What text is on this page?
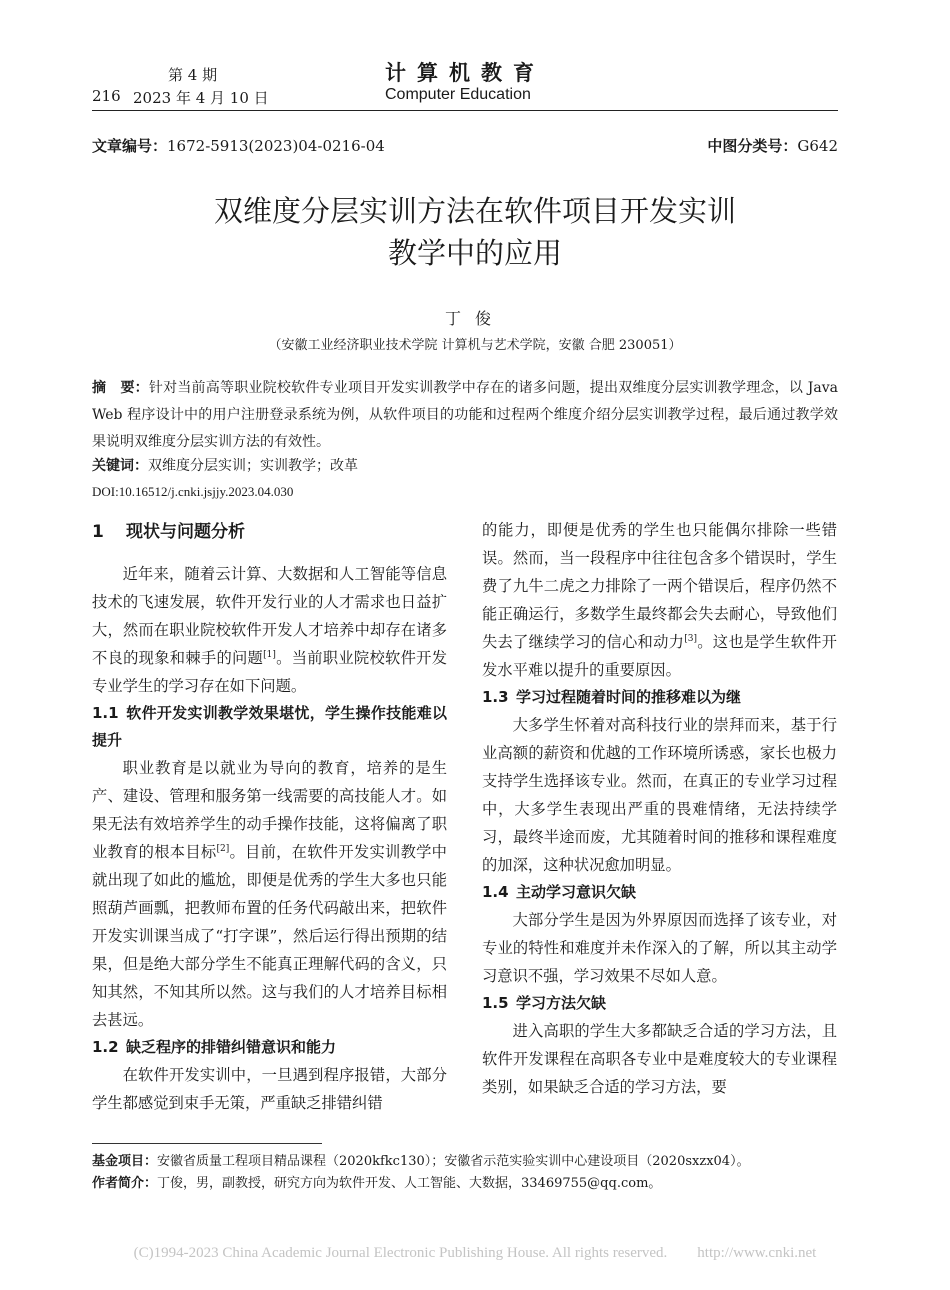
第 4 期
216 2023 年 4 月 10 日
计算机教育
Computer Education
文章编号：1672-5913(2023)04-0216-04	中图分类号：G642
双维度分层实训方法在软件项目开发实训
教学中的应用
丁俊
（安徽工业经济职业技术学院 计算机与艺术学院，安徽 合肥 230051）
摘　要：针对当前高等职业院校软件专业项目开发实训教学中存在的诸多问题，提出双维度分层实训教学理念，以 Java Web 程序设计中的用户注册登录系统为例，从软件项目的功能和过程两个维度介绍分层实训教学过程，最后通过教学效果说明双维度分层实训方法的有效性。
关键词：双维度分层实训；实训教学；改革
DOI:10.16512/j.cnki.jsjjy.2023.04.030
1 现状与问题分析

近年来，随着云计算、大数据和人工智能等信息技术的飞速发展，软件开发行业的人才需求也日益扩大，然而在职业院校软件开发人才培养中却存在诸多不良的现象和棘手的问题[1]。当前职业院校软件开发专业学生的学习存在如下问题。

1.1 软件开发实训教学效果堪忧，学生操作技能难以提升

职业教育是以就业为导向的教育，培养的是生产、建设、管理和服务第一线需要的高技能人才。如果无法有效培养学生的动手操作技能，这将偏离了职业教育的根本目标[2]。目前，在软件开发实训教学中就出现了如此的尴尬，即便是优秀的学生大多也只能照葫芦画瓢，把教师布置的任务代码敲出来，把软件开发实训课当成了“打字课”，然后运行得出预期的结果，但是绝大部分学生不能真正理解代码的含义，只知其然，不知其所以然。这与我们的人才培养目标相去甚远。

1.2 缺乏程序的排错纠错意识和能力

在软件开发实训中，一旦遇到程序报错，大部分学生都感觉到束手无策，严重缺乏排错纠错

的能力，即便是优秀的学生也只能偶尔排除一些错误。然而，当一段程序中往往包含多个错误时，学生费了九牛二虎之力排除了一两个错误后，程序仍然不能正确运行，多数学生最终都会失去耐心，导致他们失去了继续学习的信心和动力[3]。这也是学生软件开发水平难以提升的重要原因。

1.3 学习过程随着时间的推移难以为继

大多学生怀着对高科技行业的崇拜而来，基于行业高额的薪资和优越的工作环境所诱惑，家长也极力支持学生选择该专业。然而，在真正的专业学习过程中，大多学生表现出严重的畏难情绪，无法持续学习，最终半途而废，尤其随着时间的推移和课程难度的加深，这种状况愈加明显。

1.4 主动学习意识欠缺

大部分学生是因为外界原因而选择了该专业，对专业的特性和难度并未作深入的了解，所以其主动学习意识不强，学习效果不尽如人意。

1.5 学习方法欠缺

进入高职的学生大多都缺乏合适的学习方法，且软件开发课程在高职各专业中是难度较大的专业课程类别，如果缺乏合适的学习方法，要

基金项目：安徽省质量工程项目精品课程（2020kfkc130）；安徽省示范实验实训中心建设项目（2020sxzx04）。
作者简介：丁俊，男，副教授，研究方向为软件开发、人工智能、大数据，33469755@qq.com。
(C)1994-2023 China Academic Journal Electronic Publishing House. All rights reserved.　　http://www.cnki.net
